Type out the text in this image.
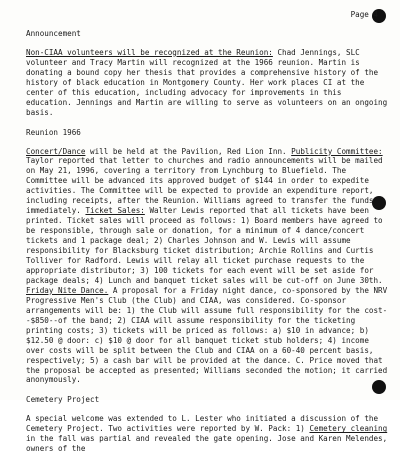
Page 4
Announcement
Non-CIAA volunteers will be recognized at the Reunion: Chad Jennings, SLC volunteer and Tracy Martin will recognized at the 1966 reunion. Martin is donating a bound copy her thesis that provides a comprehensive history of the history of black education in Montgomery County. Her work places CI at the center of this education, including advocacy for improvements in this education. Jennings and Martin are willing to serve as volunteers on an ongoing basis.
Reunion 1966
Concert/Dance will be held at the Pavilion, Red Lion Inn. Publicity Committee: Taylor reported that letter to churches and radio announcements will be mailed on May 21, 1996, covering a territory from Lynchburg to Bluefield. The Committee will be advanced its approved budget of $144 in order to expedite activities. The Committee will be expected to provide an expenditure report, including receipts, after the Reunion. Williams agreed to transfer the funds immediately. Ticket Sales: Walter Lewis reported that all tickets have been printed. Ticket sales will proceed as follows: 1) Board members have agreed to be responsible, through sale or donation, for a minimum of 4 dance/concert tickets and 1 package deal; 2) Charles Johnson and W. Lewis will assume responsibility for Blacksburg ticket distribution; Archie Rollins and Curtis Tolliver for Radford. Lewis will relay all ticket purchase requests to the appropriate distributor; 3) 100 tickets for each event will be set aside for package deals; 4) Lunch and banquet ticket sales will be cut-off on June 30th. Friday Nite Dance. A proposal for a Friday night dance, co-sponsored by the NRV Progressive Men's Club (the Club) and CIAA, was considered. Co-sponsor arrangements will be: 1) the Club will assume full responsibility for the cost--$850--of the band; 2) CIAA will assume responsibility for the ticketing printing costs; 3) tickets will be priced as follows: a) $10 in advance; b) $12.50 @ door: c) $10 @ door for all banquet ticket stub holders; 4) income over costs will be split between the Club and CIAA on a 60-40 percent basis, respectively; 5) a cash bar will be provided at the dance. C. Price moved that the proposal be accepted as presented; Williams seconded the motion; it carried anonymously.
Cemetery Project
A special welcome was extended to L. Lester who initiated a discussion of the Cemetery Project. Two activities were reported by W. Pack: 1) Cemetery cleaning in the fall was partial and revealed the gate opening. Jose and Karen Melendes, owners of the
